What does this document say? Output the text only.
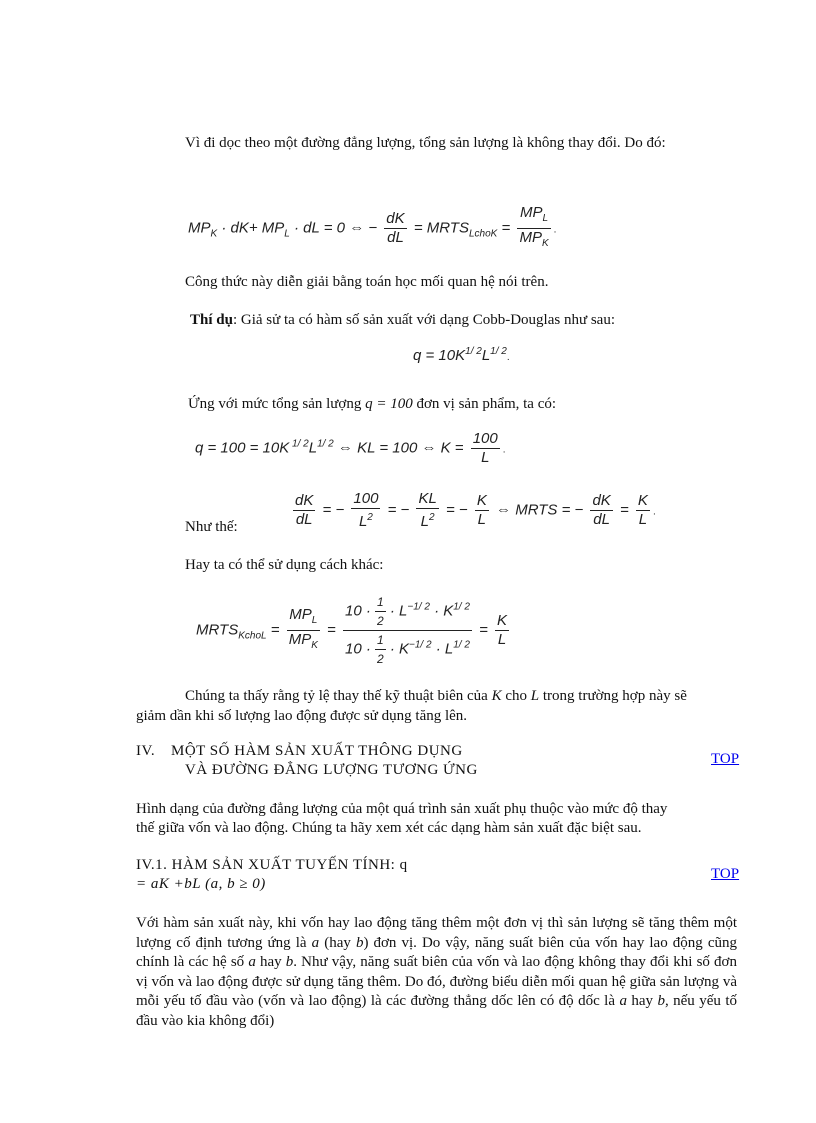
Vì đi dọc theo một đường đẳng lượng, tổng sản lượng là không thay đổi. Do đó:
$MP_K \cdot dK+ MP_L$ · dL = 0 ⇔ − $\frac{dK}{dL}$ = $MRTS_{LchoK} = \frac{MP_L}{MP_K}$ .
Công thức này diễn giải bằng toán học mối quan hệ nói trên.
Thí dụ: Giả sử ta có hàm số sản xuất với dạng Cobb-Douglas như sau:
$q = 10K^{1/ 2}L^{1/ 2}$.
Ứng với mức tổng sản lượng q = 100 đơn vị sản phẩm, ta có:
q = 100 = 10K $^{1/ 2}L^{1/ 2}$ ⇔ KL = 100 ⇔ $K = \frac{100}{L}$ .
Như thế:	$\frac{dK}{dL}$ = − $\frac{100}{L^2}$ = − $\frac{KL}{L^2}$ = − $\frac{K}{L}$ ⇔ MRTS = − $\frac{dK}{dL} = \frac{K}{L}$ .
Hay ta có thể sử dụng cách khác:
$MRTS_{KchoL} = \frac{MP_L}{MP_K} = \frac{10 \cdot \frac{1}{2} \cdot L^{-1/ 2} \cdot K^{1/ 2}}{10 \cdot \frac{1}{2} \cdot K^{-1/ 2} \cdot L^{1/ 2}} = \frac{K}{L}$
Chúng ta thấy rằng tỷ lệ thay thế kỹ thuật biên của K cho L trong trường hợp này sẽ
giảm dần khi số lượng lao động được sử dụng tăng lên.
IV. MỘT SỐ HÀM SẢN XUẤT THÔNG DỤNG
VÀ ĐƯỜNG ĐẲNG LƯỢNG TƯƠNG ỨNG
TOP
Hình dạng của đường đẳng lượng của một quá trình sản xuất phụ thuộc vào mức độ thay
thế giữa vốn và lao động. Chúng ta hãy xem xét các dạng hàm sản xuất đặc biệt sau.
IV.1. HÀM SẢN XUẤT TUYẾN TÍNH: q
= aK +bL (a, b ≥ 0)
TOP
Với hàm sản xuất này, khi vốn hay lao động tăng thêm một đơn vị thì sản lượng sẽ tăng thêm một lượng cố định tương ứng là a (hay b) đơn vị. Do vậy, năng suất biên của vốn hay lao động cũng chính là các hệ số a hay b. Như vậy, năng suất biên của vốn và lao động không thay đổi khi số đơn vị vốn và lao động được sử dụng tăng thêm. Do đó, đường biểu diễn mối quan hệ giữa sản lượng và mỗi yếu tố đầu vào (vốn và lao động) là các đường thẳng dốc lên có độ dốc là a hay b, nếu yếu tố đầu vào kia không đổi)
